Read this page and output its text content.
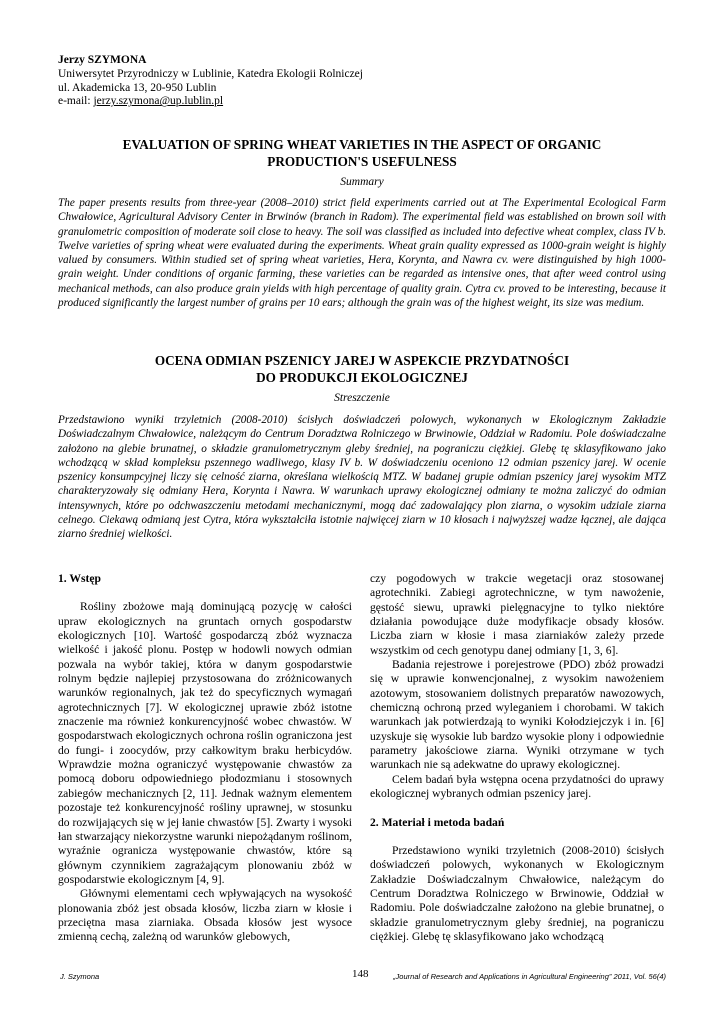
Jerzy SZYMONA
Uniwersytet Przyrodniczy w Lublinie, Katedra Ekologii Rolniczej
ul. Akademicka 13, 20-950 Lublin
e-mail: jerzy.szymona@up.lublin.pl
EVALUATION OF SPRING WHEAT VARIETIES IN THE ASPECT OF ORGANIC
PRODUCTION'S USEFULNESS
Summary

The paper presents results from three-year (2008–2010) strict field experiments carried out at The Experimental Ecological Farm Chwałowice, Agricultural Advisory Center in Brwinów (branch in Radom). The experimental field was established on brown soil with granulometric composition of moderate soil close to heavy. The soil was classified as included into defective wheat complex, class IV b. Twelve varieties of spring wheat were evaluated during the experiments. Wheat grain quality expressed as 1000-grain weight is highly valued by consumers. Within studied set of spring wheat varieties, Hera, Korynta, and Nawra cv. were distinguished by high 1000-grain weight. Under conditions of organic farming, these varieties can be regarded as intensive ones, that after weed control using mechanical methods, can also produce grain yields with high percentage of quality grain. Cytra cv. proved to be interesting, because it produced significantly the largest number of grains per 10 ears; although the grain was of the highest weight, its size was medium.

OCENA ODMIAN PSZENICY JAREJ W ASPEKCIE PRZYDATNOŚCI
DO PRODUKCJI EKOLOGICZNEJ
Streszczenie

Przedstawiono wyniki trzyletnich (2008-2010) ścisłych doświadczeń polowych, wykonanych w Ekologicznym Zakładzie Doświadczalnym Chwałowice, należącym do Centrum Doradztwa Rolniczego w Brwinowie, Oddział w Radomiu. Pole doświadczalne założono na glebie brunatnej, o składzie granulometrycznym gleby średniej, na pograniczu ciężkiej. Glebę tę sklasyfikowano jako wchodzącą w skład kompleksu pszennego wadliwego, klasy IV b. W doświadczeniu oceniono 12 odmian pszenicy jarej. W ocenie pszenicy konsumpcyjnej liczy się celność ziarna, określana wielkością MTZ. W badanej grupie odmian pszenicy jarej wysokim MTZ charakteryzowały się odmiany Hera, Korynta i Nawra. W warunkach uprawy ekologicznej odmiany te można zaliczyć do odmian intensywnych, które po odchwaszczeniu metodami mechanicznymi, mogą dać zadowalający plon ziarna, o wysokim udziale ziarna celnego. Ciekawą odmianą jest Cytra, która wykształciła istotnie najwięcej ziarn w 10 kłosach i najwyższej wadze łącznej, ale dająca ziarno średniej wielkości.

1. Wstęp

Rośliny zbożowe mają dominującą pozycję w całości upraw ekologicznych na gruntach ornych gospodarstw ekologicznych [10]. Wartość gospodarczą zbóż wyznacza wielkość i jakość plonu. Postęp w hodowli nowych odmian pozwala na wybór takiej, która w danym gospodarstwie rolnym będzie najlepiej przystosowana do zróżnicowanych warunków regionalnych, jak też do specyficznych wymagań agrotechnicznych [7]. W ekologicznej uprawie zbóż istotne znaczenie ma również konkurencyjność wobec chwastów. W gospodarstwach ekologicznych ochrona roślin ograniczona jest do fungi- i zoocydów, przy całkowitym braku herbicydów. Wprawdzie można ograniczyć występowanie chwastów za pomocą doboru odpowiedniego płodozmianu i stosownych zabiegów mechanicznych [2, 11]. Jednak ważnym elementem pozostaje też konkurencyjność rośliny uprawnej, w stosunku do rozwijających się w jej łanie chwastów [5]. Zwarty i wysoki łan stwarzający niekorzystne warunki niepożądanym roślinom, wyraźnie ogranicza występowanie chwastów, które są głównym czynnikiem zagrażającym plonowaniu zbóż w gospodarstwie ekologicznym [4, 9].

Głównymi elementami cech wpływających na wysokość plonowania zbóż jest obsada kłosów, liczba ziarn w kłosie i przeciętna masa ziarniaka. Obsada kłosów jest wysoce zmienną cechą, zależną od warunków glebowych,

czy pogodowych w trakcie wegetacji oraz stosowanej agrotechniki. Zabiegi agrotechniczne, w tym nawożenie, gęstość siewu, uprawki pielęgnacyjne to tylko niektóre działania powodujące duże modyfikacje obsady kłosów. Liczba ziarn w kłosie i masa ziarniaków zależy przede wszystkim od cech genotypu danej odmiany [1, 3, 6].

Badania rejestrowe i porejestrowe (PDO) zbóż prowadzi się w uprawie konwencjonalnej, z wysokim nawożeniem azotowym, stosowaniem dolistnych preparatów nawozowych, chemiczną ochroną przed wyleganiem i chorobami. W takich warunkach jak potwierdzają to wyniki Kołodziejczyk i in. [6] uzyskuje się wysokie lub bardzo wysokie plony i odpowiednie parametry jakościowe ziarna. Wyniki otrzymane w tych warunkach nie są adekwatne do uprawy ekologicznej.

Celem badań była wstępna ocena przydatności do uprawy ekologicznej wybranych odmian pszenicy jarej.

2. Materiał i metoda badań

Przedstawiono wyniki trzyletnich (2008-2010) ścisłych doświadczeń polowych, wykonanych w Ekologicznym Zakładzie Doświadczalnym Chwałowice, należącym do Centrum Doradztwa Rolniczego w Brwinowie, Oddział w Radomiu. Pole doświadczalne założono na glebie brunatnej, o składzie granulometrycznym gleby średniej, na pograniczu ciężkiej. Glebę tę sklasyfikowano jako wchodzącą

J. Szymona	148	„Journal of Research and Applications in Agricultural Engineering” 2011, Vol. 56(4)
